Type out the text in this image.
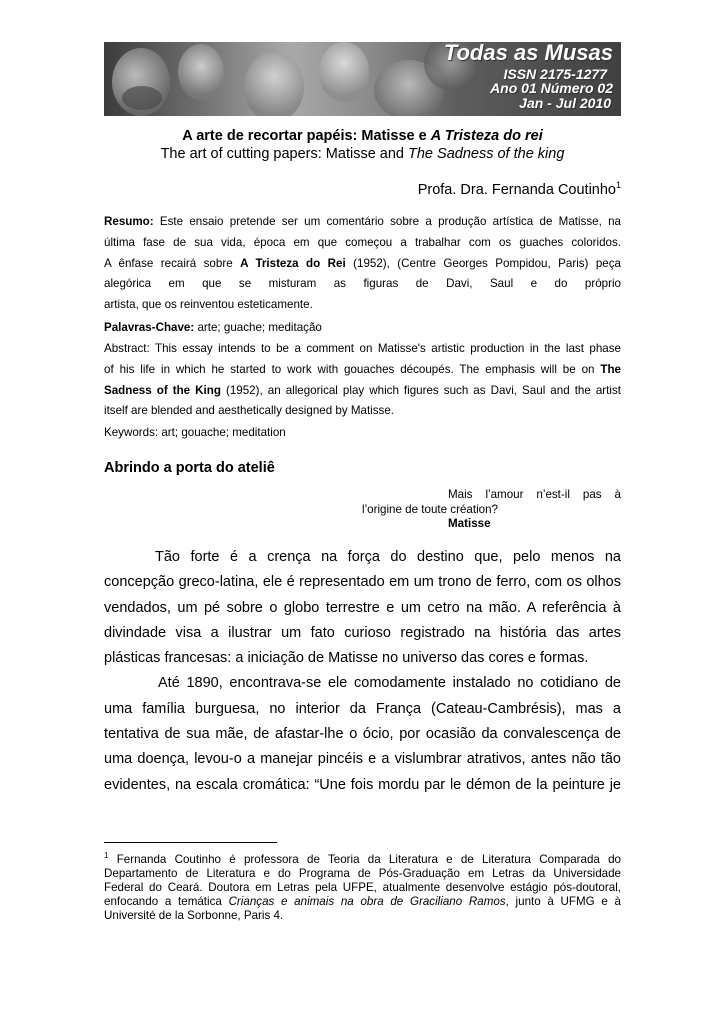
Todas as Musas
ISSN 2175-1277
Ano 01 Número 02
Jan - Jul 2010
A arte de recortar papéis: Matisse e A Tristeza do rei
The art of cutting papers: Matisse and The Sadness of the king
Profa. Dra. Fernanda Coutinho$^1$
Resumo: Este ensaio pretende ser um comentário sobre a produção artística de Matisse, na
última fase de sua vida, época em que começou a trabalhar com os guaches coloridos.
A ênfase recairá sobre A Tristeza do Rei (1952), (Centre Georges Pompidou, Paris) peça
alegórica em que se misturam as figuras de Davi, Saul e do próprio
artista, que os reinventou esteticamente.
Palavras-Chave: arte; guache; meditação
Abstract: This essay intends to be a comment on Matisse's artistic production in the last phase
of his life in which he started to work with gouaches découpés. The emphasis will be on The
Sadness of the King (1952), an allegorical play which figures such as Davi, Saul and the artist
itself are blended and aesthetically designed by Matisse.
Keywords: art; gouache; meditation
Abrindo a porta do ateliê
Mais l’amour n’est-il pas à
l’origine de toute création?
Matisse
Tão forte é a crença na força do destino que, pelo menos na
concepção greco-latina, ele é representado em um trono de ferro, com os olhos
vendados, um pé sobre o globo terrestre e um cetro na mão. A referência à
divindade visa a ilustrar um fato curioso registrado na história das artes
plásticas francesas: a iniciação de Matisse no universo das cores e formas.
Até 1890, encontrava-se ele comodamente instalado no cotidiano de
uma família burguesa, no interior da França (Cateau-Cambrésis), mas a
tentativa de sua mãe, de afastar-lhe o ócio, por ocasião da convalescença de
uma doença, levou-o a manejar pincéis e a vislumbrar atrativos, antes não tão
evidentes, na escala cromática: “Une fois mordu par le démon de la peinture je
$^1$ Fernanda Coutinho é professora de Teoria da Literatura e de Literatura Comparada do
Departamento de Literatura e do Programa de Pós-Graduação em Letras da Universidade
Federal do Ceará. Doutora em Letras pela UFPE, atualmente desenvolve estágio pós-doutoral,
enfocando a temática Crianças e animais na obra de Graciliano Ramos, junto à UFMG e à
Université de la Sorbonne, Paris 4.
